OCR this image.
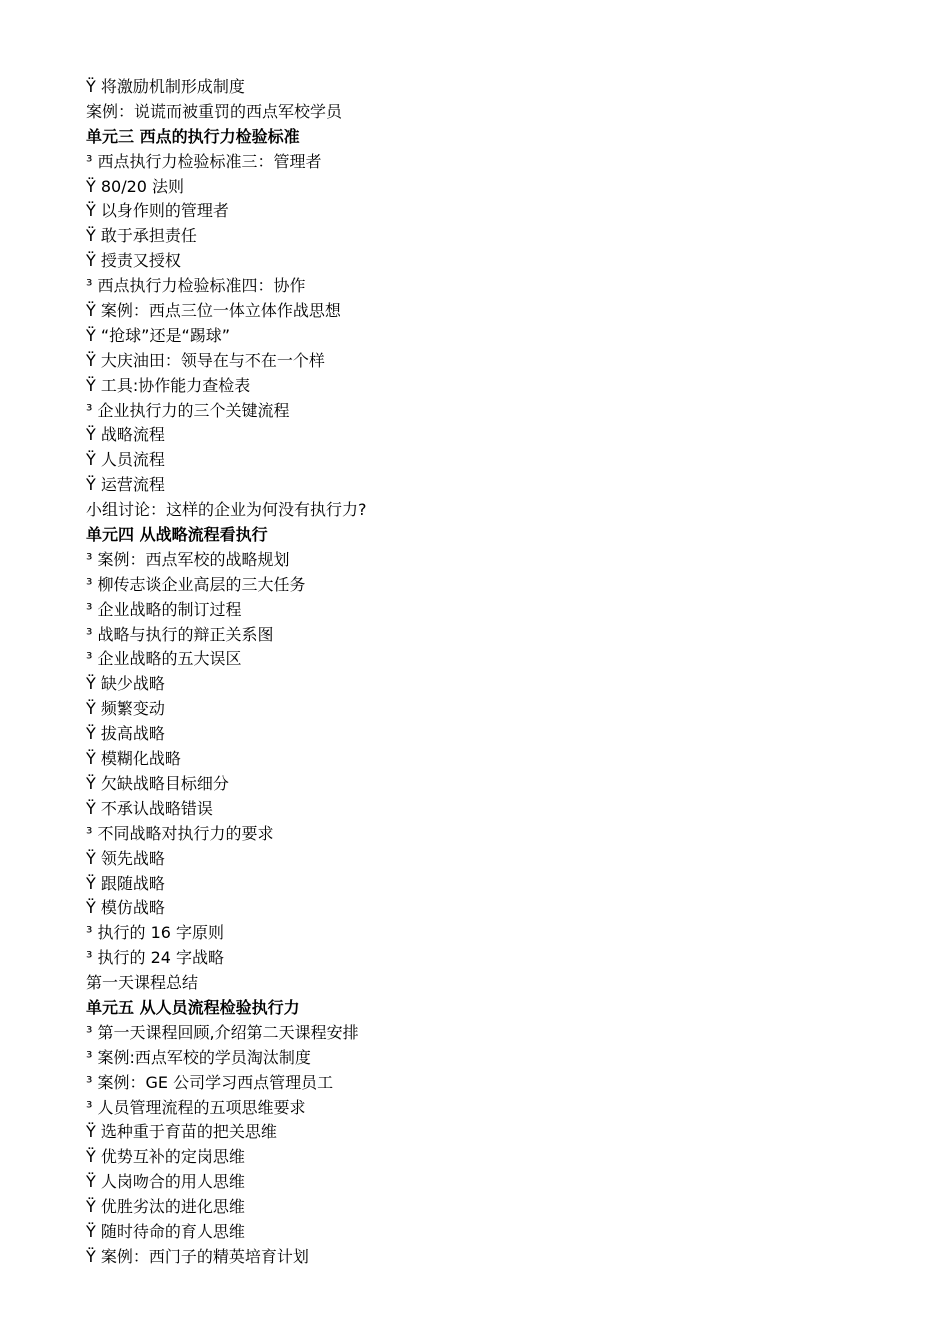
Ÿ 将激励机制形成制度
案例：说谎而被重罚的西点军校学员
单元三 西点的执行力检验标准
³ 西点执行力检验标准三：管理者
Ÿ 80/20 法则
Ÿ 以身作则的管理者
Ÿ 敢于承担责任
Ÿ 授责又授权
³ 西点执行力检验标准四：协作
Ÿ 案例：西点三位一体立体作战思想
Ÿ “抢球”还是“踢球”
Ÿ 大庆油田：领导在与不在一个样
Ÿ 工具:协作能力查检表
³ 企业执行力的三个关键流程
Ÿ 战略流程
Ÿ 人员流程
Ÿ 运营流程
小组讨论：这样的企业为何没有执行力?
单元四 从战略流程看执行
³ 案例：西点军校的战略规划
³ 柳传志谈企业高层的三大任务
³ 企业战略的制订过程
³ 战略与执行的辩正关系图
³ 企业战略的五大误区
Ÿ 缺少战略
Ÿ 频繁变动
Ÿ 拔高战略
Ÿ 模糊化战略
Ÿ 欠缺战略目标细分
Ÿ 不承认战略错误
³ 不同战略对执行力的要求
Ÿ 领先战略
Ÿ 跟随战略
Ÿ 模仿战略
³ 执行的 16 字原则
³ 执行的 24 字战略
第一天课程总结
单元五 从人员流程检验执行力
³ 第一天课程回顾,介绍第二天课程安排
³ 案例:西点军校的学员淘汰制度
³ 案例：GE 公司学习西点管理员工
³ 人员管理流程的五项思维要求
Ÿ 选种重于育苗的把关思维
Ÿ 优势互补的定岗思维
Ÿ 人岗吻合的用人思维
Ÿ 优胜劣汰的进化思维
Ÿ 随时待命的育人思维
Ÿ 案例：西门子的精英培育计划
